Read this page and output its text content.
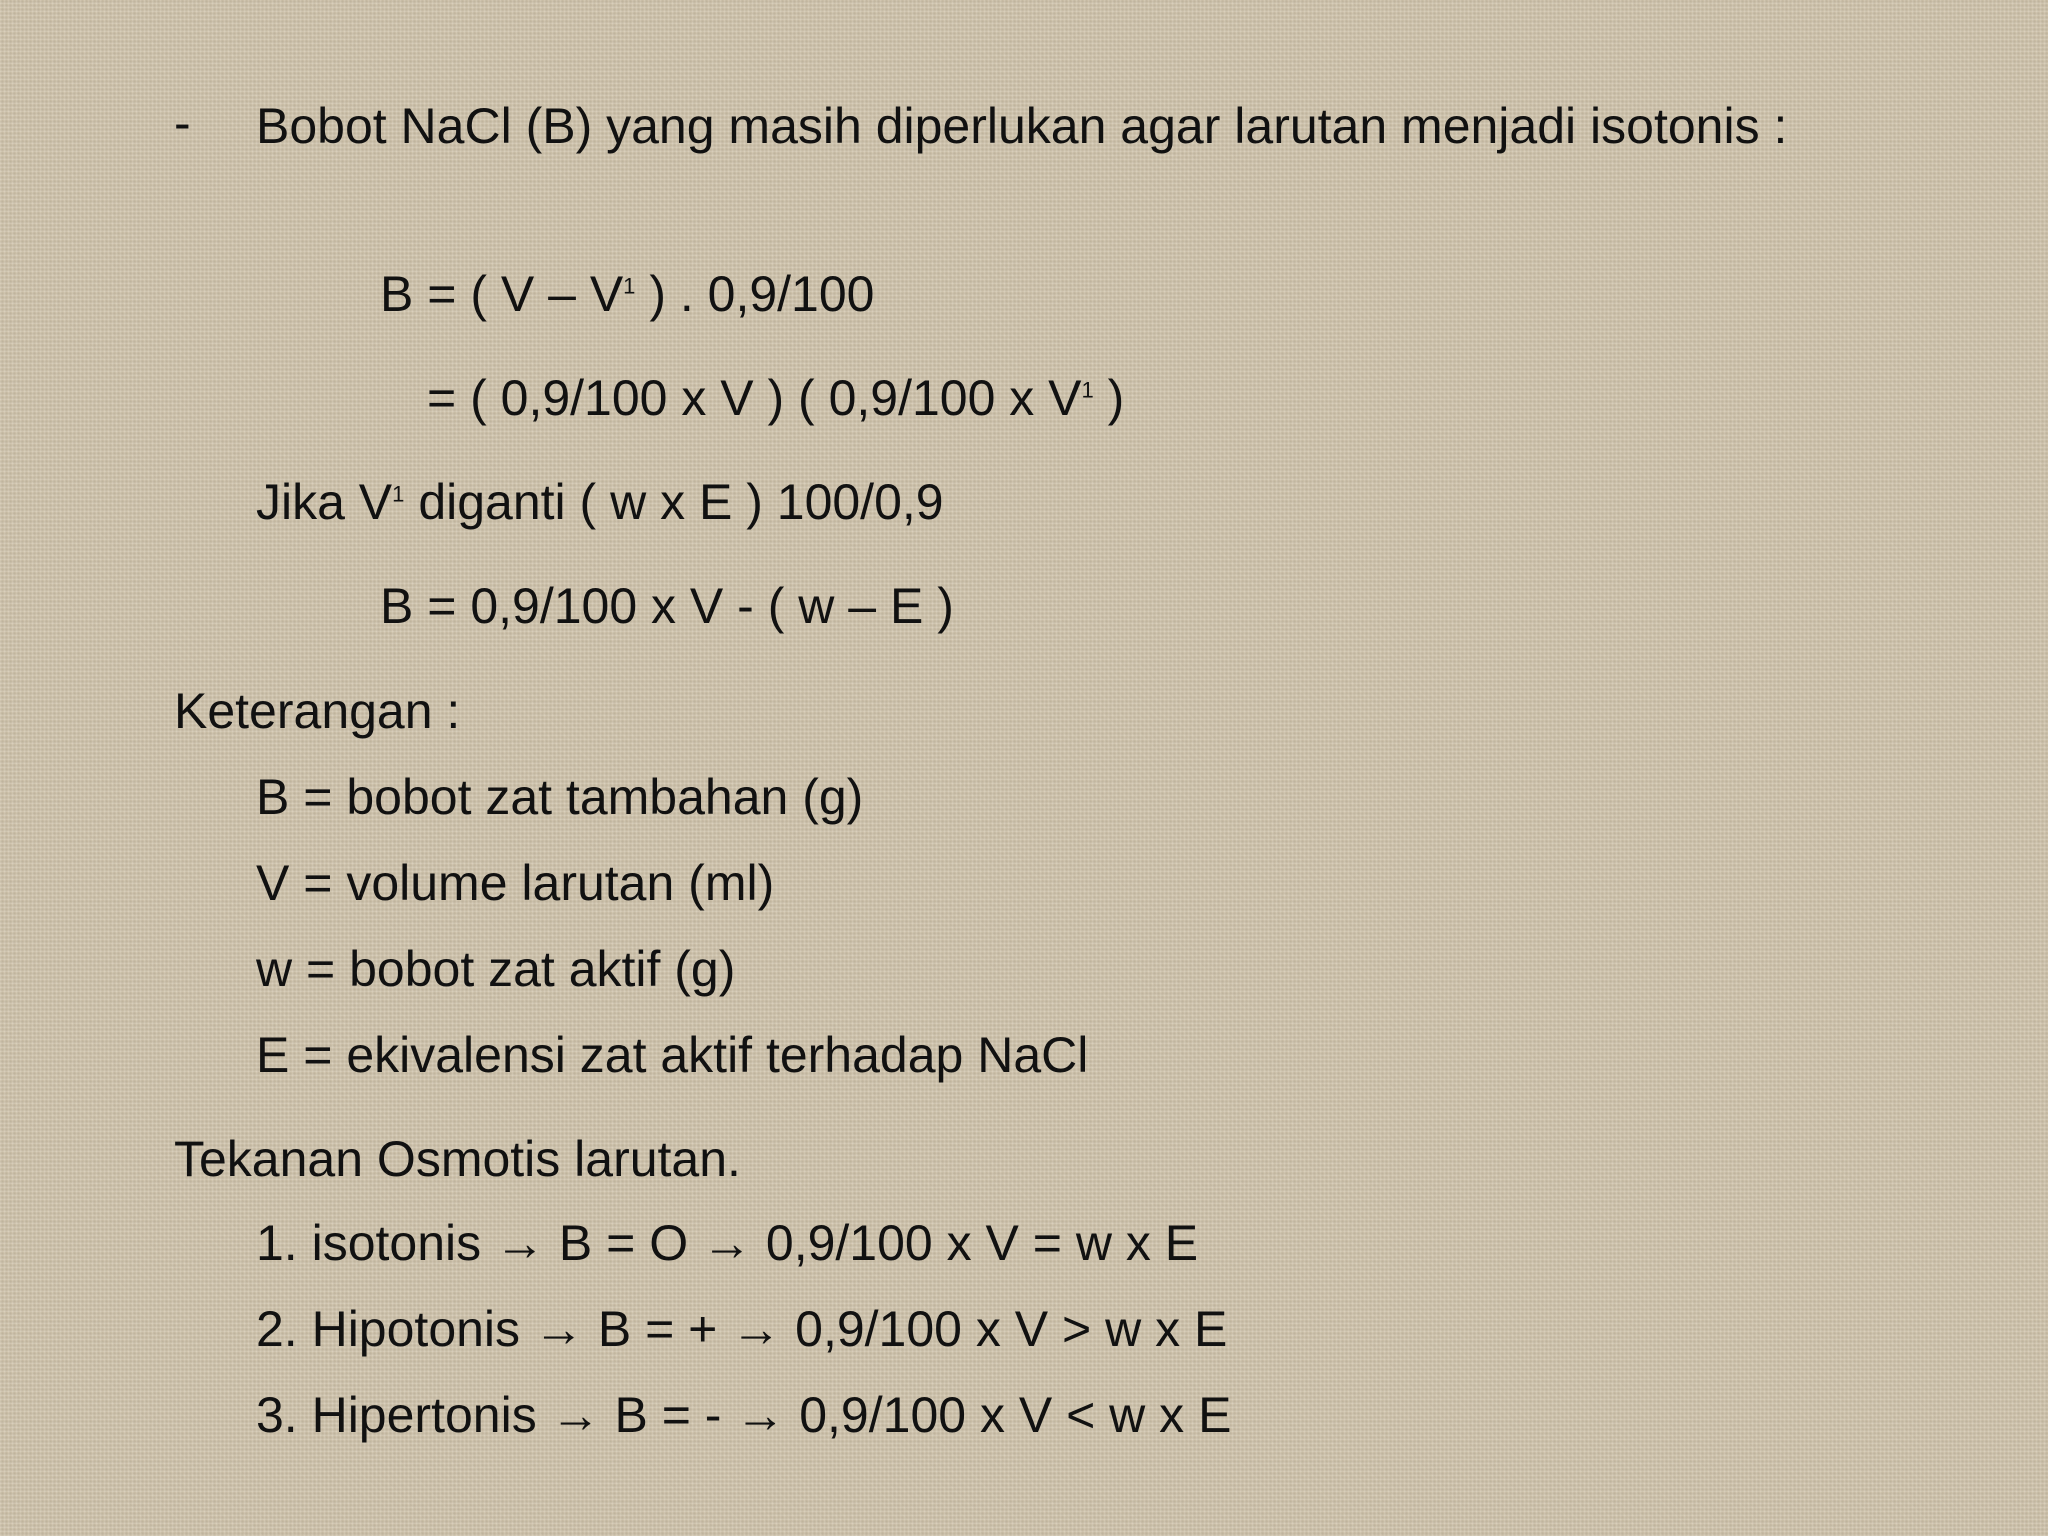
- Bobot NaCl (B) yang masih diperlukan agar larutan menjadi isotonis :
B = ( V – $V^1$ ) . 0,9/100
= ( 0,9/100 x V ) ( 0,9/100 x $V^1$ )
Jika $V^1$ diganti ( w x E ) 100/0,9
B = 0,9/100 x V - ( w – E )
Keterangan :
B = bobot zat tambahan (g)
V = volume larutan (ml)
w = bobot zat aktif (g)
E = ekivalensi zat aktif terhadap NaCl
Tekanan Osmotis larutan.
1. isotonis → B = O → 0,9/100 x V = w x E
2. Hipotonis → B = + → 0,9/100 x V > w x E
3. Hipertonis → B = - → 0,9/100 x V < w x E
